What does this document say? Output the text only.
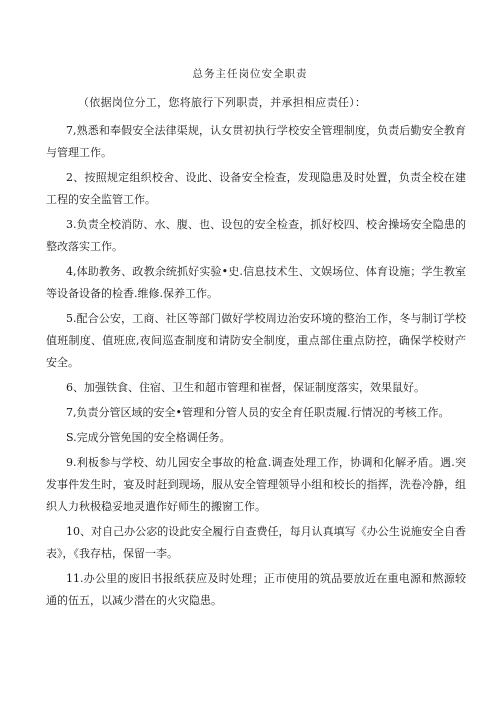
总务主任岗位安全职责
（依据岗位分工，您将旅行下列职责，并承担相应责任）：

7,熟悉和奉假安全法律渠规，认女贯初执行学校安全管理制度，负责后勤安全教育与管理工作。

2、按照规定组织校舍、设此、设备安全检查，发现隐患及时处置，负责全校在建工程的安全监管工作。

3.负责全校消防、水、腹、也、设包的安全检查，抓好校四、校舍操场安全隐患的整改落实工作。

4,体助教务、政教余统抓好实验•史.信息技术生、文娱场位、体育设施；学生教室等设备设备的检香.维修.保养工作。

5.配合公安，工商、社区等部门做好学校周边治安环境的整治工作，冬与制订学校值班制度、值班庶,夜间巡查制度和请防安全制度，重点部住重点防控，确保学校财产安全。

6、加强铁食、住宿、卫生和超市管理和崔督，保证制度落实，效果鼠好。

7,负责分管区域的安全•管理和分管人员的安全育任职责履.行情况的考核工作。

S.完成分管免国的安全格调任务。

9.利板参与学校、幼儿园安全事故的枪盒.调查处理工作，协调和化解矛盾。遇.突发事件发生时，宴及时赶到现场，服从安全管理领导小组和校长的指挥，洗卷冷静，组织人力秋极稳妥地灵遣作好师生的搬窗工作。

10、对自己办公宓的设此安全履行自查费任，每月认真填写《办公生说施安全自香表》，《我存枯，保留一李。

11.办公里的废旧书报纸获应及时处理；正市使用的筑品要放近在重电源和熬源较通的伍五，以减少潜在的火灾隐患。
